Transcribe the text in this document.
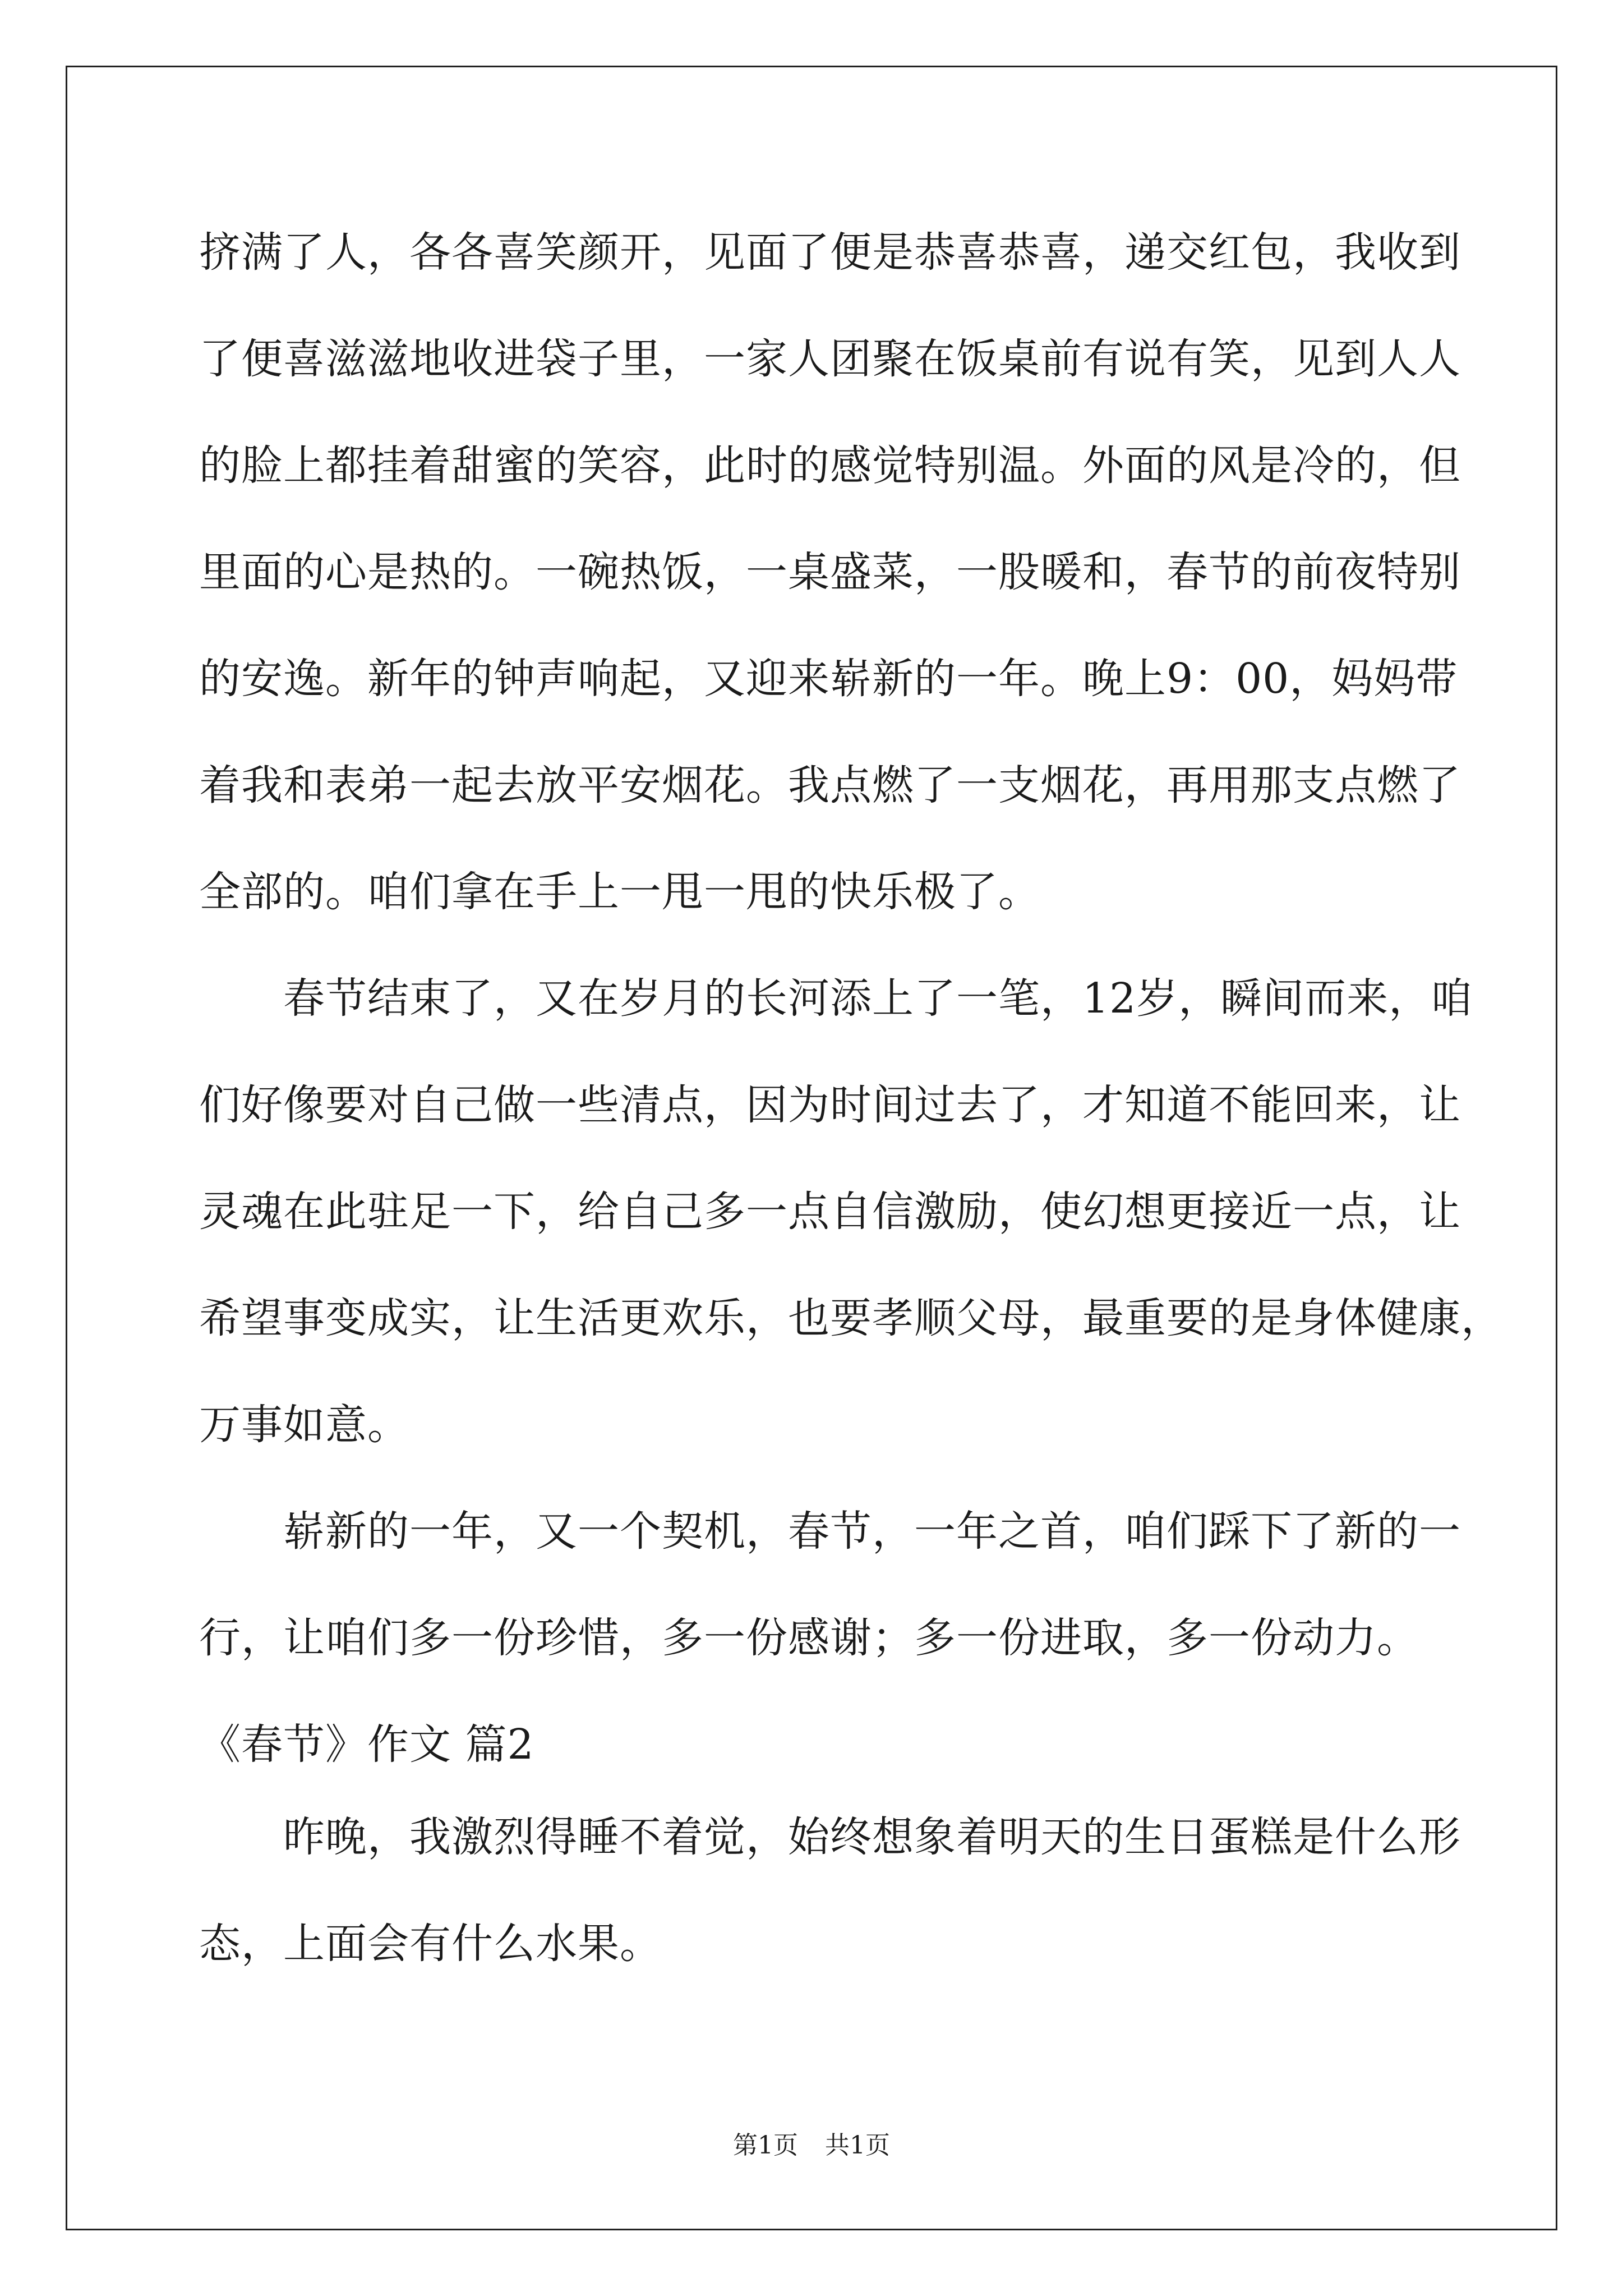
挤满了人，各各喜笑颜开，见面了便是恭喜恭喜，递交红包，我收到
了便喜滋滋地收进袋子里，一家人团聚在饭桌前有说有笑，见到人人
的脸上都挂着甜蜜的笑容，此时的感觉特别温。外面的风是冷的，但
里面的心是热的。一碗热饭，一桌盛菜，一股暖和，春节的前夜特别
的安逸。新年的钟声响起，又迎来崭新的一年。晚上9：00，妈妈带
着我和表弟一起去放平安烟花。我点燃了一支烟花，再用那支点燃了
全部的。咱们拿在手上一甩一甩的快乐极了。
春节结束了，又在岁月的长河添上了一笔，12岁，瞬间而来，咱
们好像要对自己做一些清点，因为时间过去了，才知道不能回来，让
灵魂在此驻足一下，给自己多一点自信激励，使幻想更接近一点，让
希望事变成实，让生活更欢乐，也要孝顺父母，最重要的是身体健康，
万事如意。
崭新的一年，又一个契机，春节，一年之首，咱们踩下了新的一
行，让咱们多一份珍惜，多一份感谢；多一份进取，多一份动力。
《春节》作文 篇2
昨晚，我激烈得睡不着觉，始终想象着明天的生日蛋糕是什么形
态，上面会有什么水果。
第1页 共1页
